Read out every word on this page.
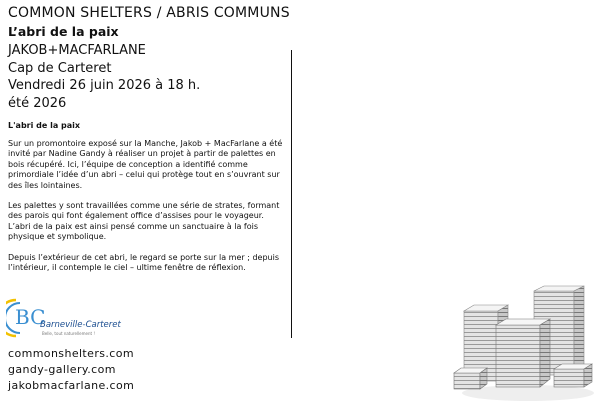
COMMON SHELTERS / ABRIS COMMUNS
L’abri de la paix
JAKOB+MACFARLANE
Cap de Carteret
Vendredi 26 juin 2026 à 18 h.
été 2026
L'abri de la paix

Sur un promontoire exposé sur la Manche, Jakob + MacFarlane a été invité par Nadine Gandy à réaliser un projet à partir de palettes en bois récupéré. Ici, l’équipe de conception a identifié comme primordiale l’idée d’un abri – celui qui protège tout en s’ouvrant sur des îles lointaines.

Les palettes y sont travaillées comme une série de strates, formant des parois qui font également office d’assises pour le voyageur. L’abri de la paix est ainsi pensé comme un sanctuaire à la fois physique et symbolique.

Depuis l’extérieur de cet abri, le regard se porte sur la mer ; depuis l’intérieur, il contemple le ciel – ultime fenêtre de réflexion.

BC
Barneville-Carteret
Belle, tout naturellement !
commonshelters.com
gandy-gallery.com
jakobmacfarlane.com
